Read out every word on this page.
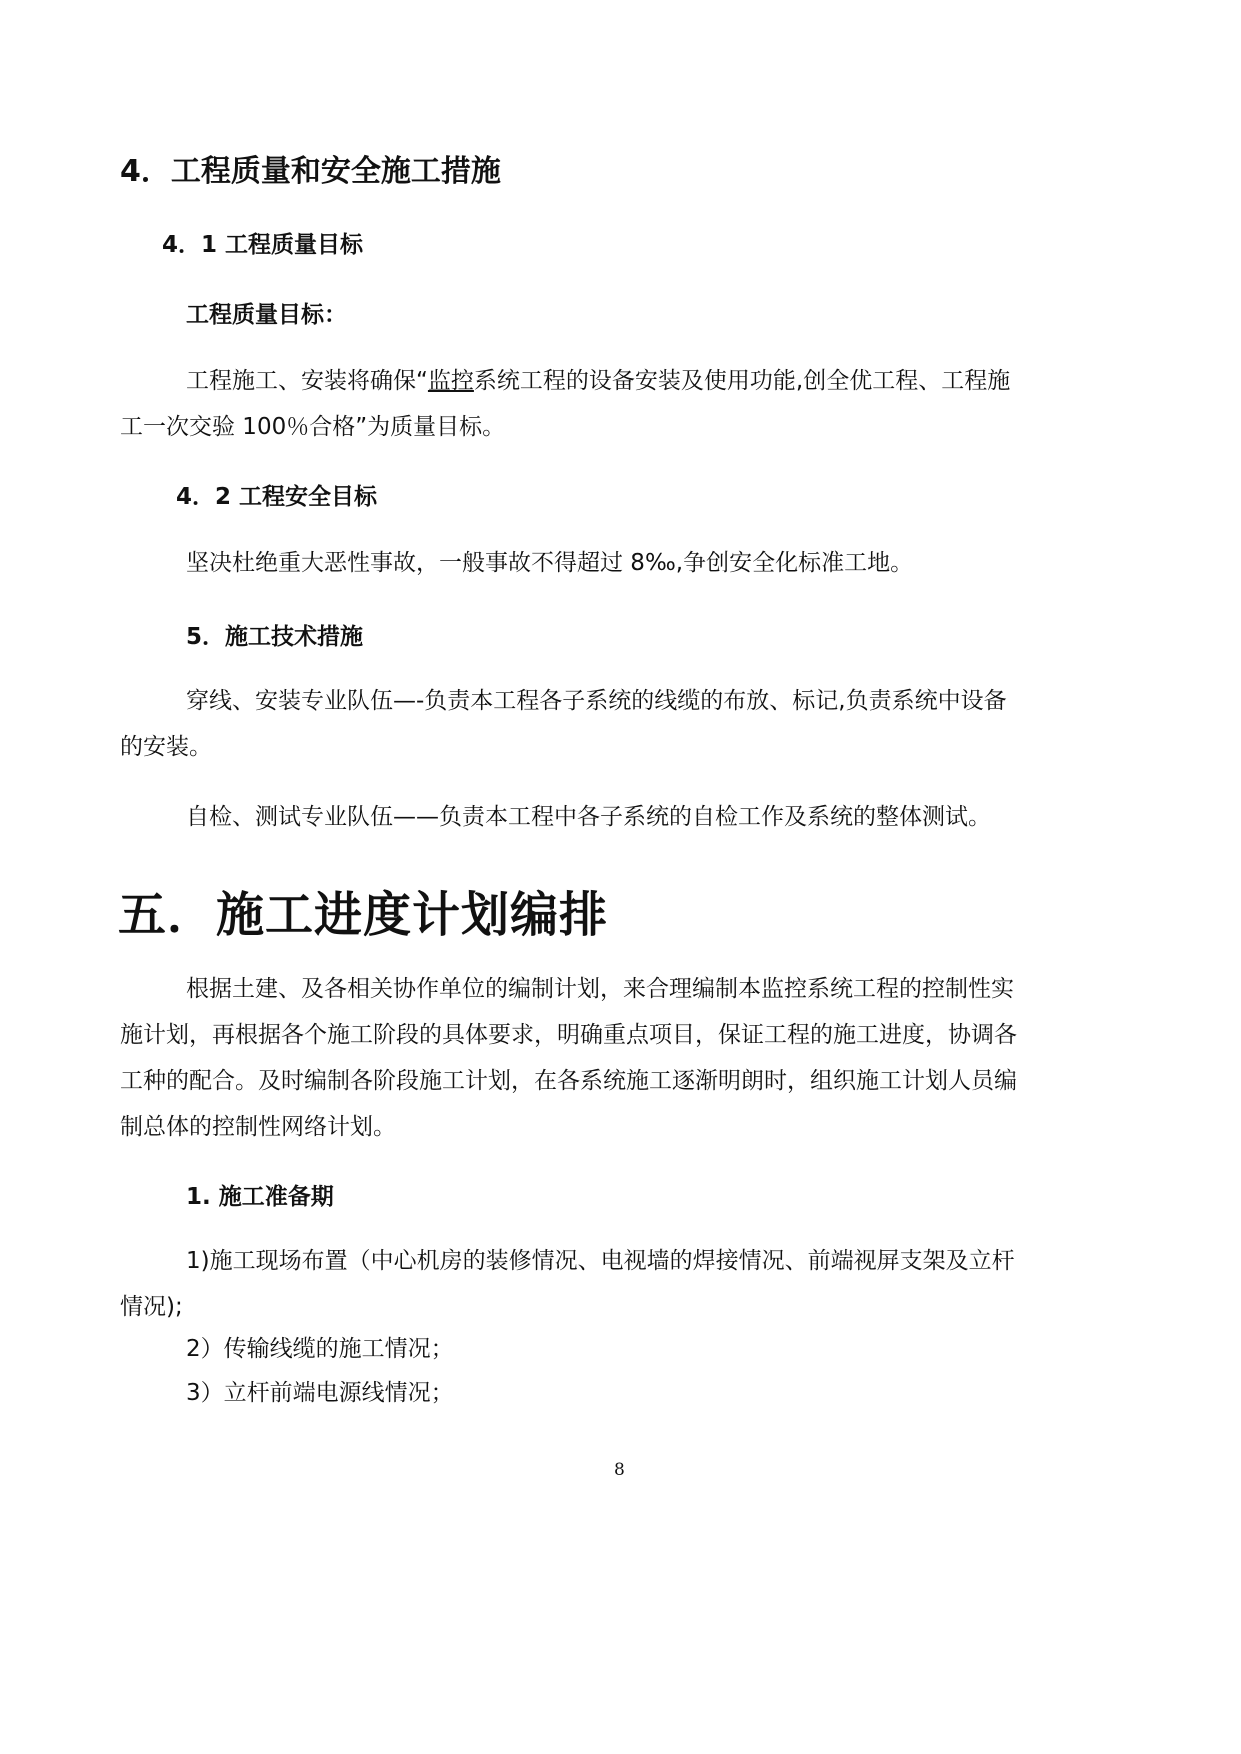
4．工程质量和安全施工措施
4．1 工程质量目标
工程质量目标：
工程施工、安装将确保“监控系统工程的设备安装及使用功能,创全优工程、工程施
工一次交验 100％合格”为质量目标。
4．2 工程安全目标
坚决杜绝重大恶性事故，一般事故不得超过 8‰,争创安全化标准工地。
5．施工技术措施
穿线、安装专业队伍—-负责本工程各子系统的线缆的布放、标记,负责系统中设备
的安装。
自检、测试专业队伍——负责本工程中各子系统的自检工作及系统的整体测试。
五．施工进度计划编排
根据土建、及各相关协作单位的编制计划，来合理编制本监控系统工程的控制性实
施计划，再根据各个施工阶段的具体要求，明确重点项目，保证工程的施工进度，协调各
工种的配合。及时编制各阶段施工计划，在各系统施工逐渐明朗时，组织施工计划人员编
制总体的控制性网络计划。
1. 施工准备期
1)施工现场布置（中心机房的装修情况、电视墙的焊接情况、前端视屏支架及立杆
情况);
2）传输线缆的施工情况；
3）立杆前端电源线情况；
8
